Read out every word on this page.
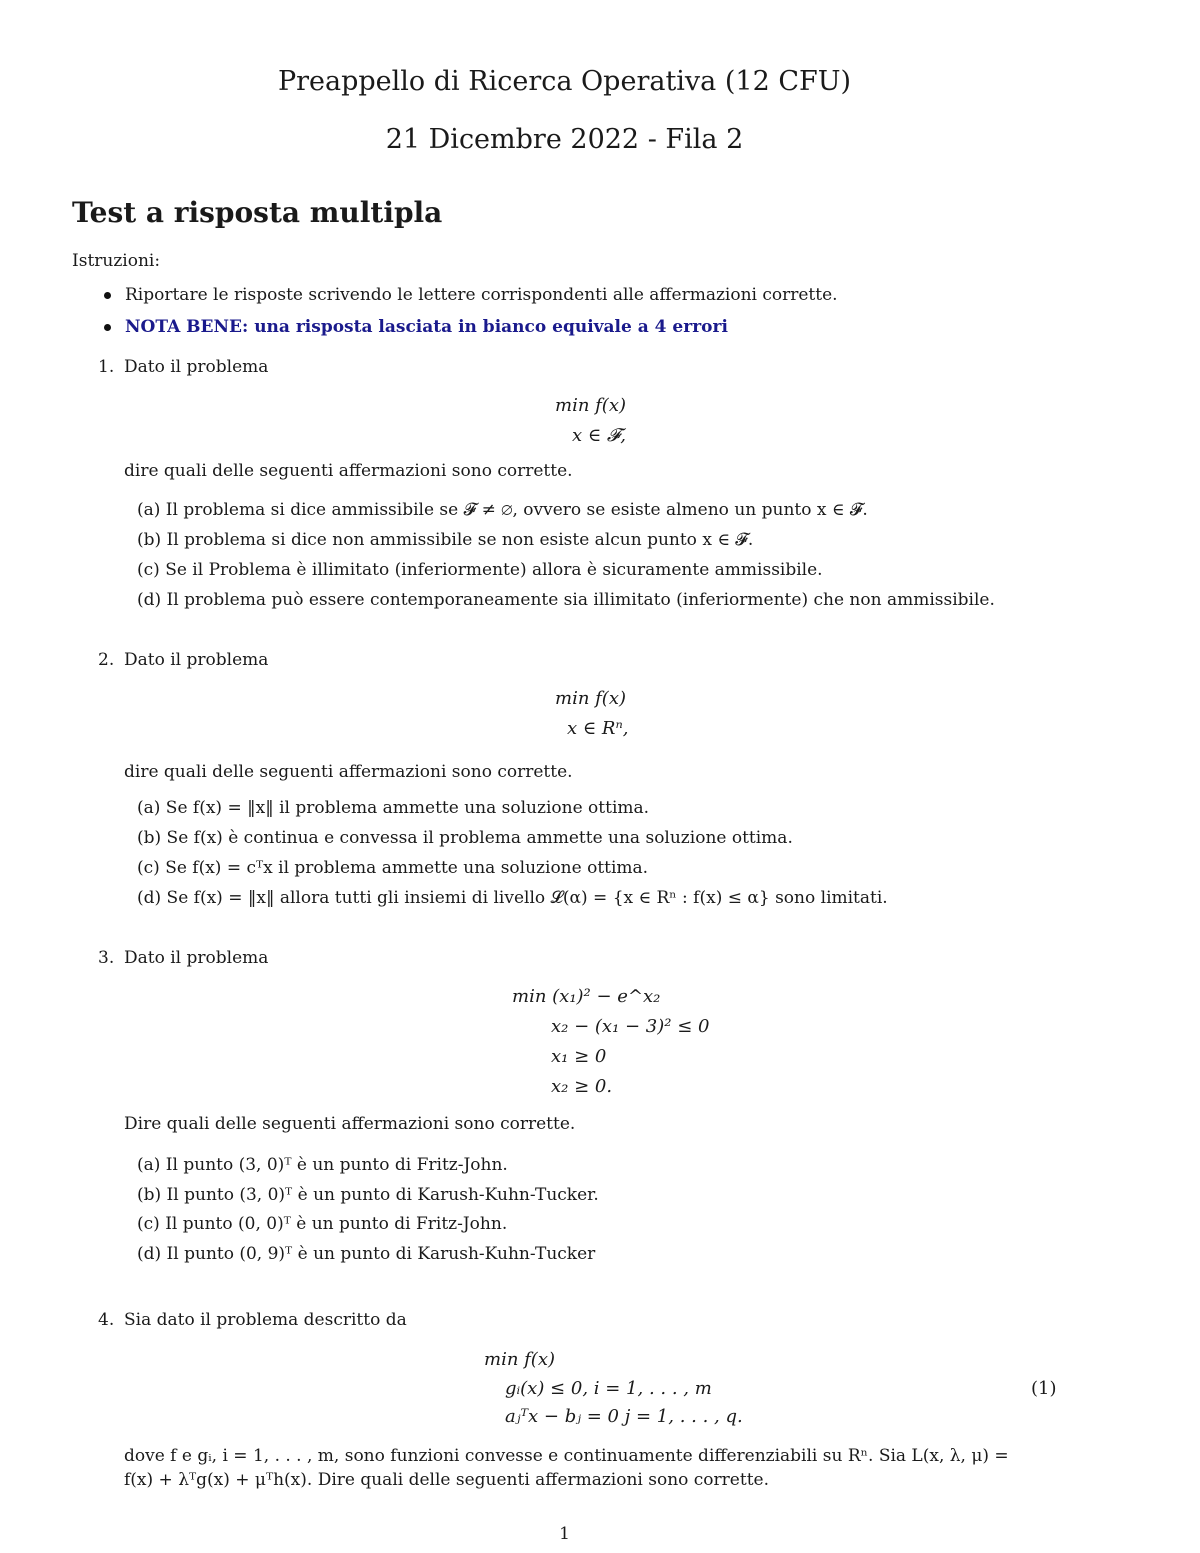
Preappello di Ricerca Operativa (12 CFU)
21 Dicembre 2022 - Fila 2
Test a risposta multipla
Istruzioni:
Riportare le risposte scrivendo le lettere corrispondenti alle affermazioni corrette.
NOTA BENE: una risposta lasciata in bianco equivale a 4 errori
1. Dato il problema
min f(x)
x ∈ 𝓕,
dire quali delle seguenti affermazioni sono corrette.
(a) Il problema si dice ammissibile se 𝓕 ≠ ∅, ovvero se esiste almeno un punto x ∈ 𝓕.
(b) Il problema si dice non ammissibile se non esiste alcun punto x ∈ 𝓕.
(c) Se il Problema è illimitato (inferiormente) allora è sicuramente ammissibile.
(d) Il problema può essere contemporaneamente sia illimitato (inferiormente) che non ammissibile.
2. Dato il problema
min f(x)
x ∈ Rⁿ,
dire quali delle seguenti affermazioni sono corrette.
(a) Se f(x) = ‖x‖ il problema ammette una soluzione ottima.
(b) Se f(x) è continua e convessa il problema ammette una soluzione ottima.
(c) Se f(x) = cᵀx il problema ammette una soluzione ottima.
(d) Se f(x) = ‖x‖ allora tutti gli insiemi di livello 𝓛(α) = {x ∈ Rⁿ : f(x) ≤ α} sono limitati.
3. Dato il problema
min (x₁)² − e^x₂
x₂ − (x₁ − 3)² ≤ 0
x₁ ≥ 0
x₂ ≥ 0.
Dire quali delle seguenti affermazioni sono corrette.
(a) Il punto (3, 0)ᵀ è un punto di Fritz-John.
(b) Il punto (3, 0)ᵀ è un punto di Karush-Kuhn-Tucker.
(c) Il punto (0, 0)ᵀ è un punto di Fritz-John.
(d) Il punto (0, 9)ᵀ è un punto di Karush-Kuhn-Tucker
4. Sia dato il problema descritto da
min f(x)
gᵢ(x) ≤ 0, i = 1, . . . , m
aⱼᵀx − bⱼ = 0 j = 1, . . . , q.
(1)
dove f e gᵢ, i = 1, . . . , m, sono funzioni convesse e continuamente differenziabili su Rⁿ. Sia L(x, λ, μ) =
f(x) + λᵀg(x) + μᵀh(x). Dire quali delle seguenti affermazioni sono corrette.
1
